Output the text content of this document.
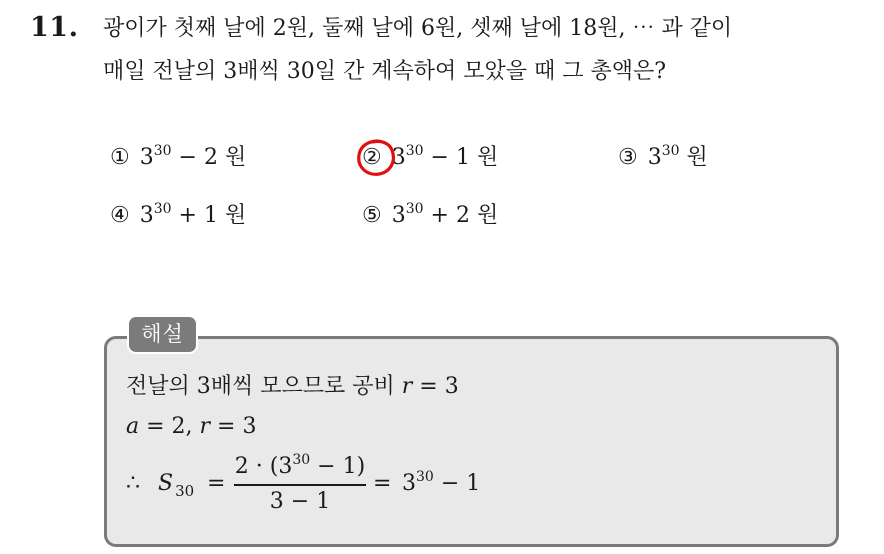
11. 광이가 첫째 날에 2원, 둘째 날에 6원, 셋째 날에 18원, ⋯ 과 같이
매일 전날의 3배씩 30일 간 계속하여 모았을 때 그 총액은?
① $3^{30} - 2$ 원	② $3^{30} - 1$ 원	③ $3^{30}$ 원
④ $3^{30} + 1$ 원	⑤ $3^{30} + 2$ 원
해설
전날의 3배씩 모으므로 공비 r = 3
a = 2, r = 3
∴ S $_{30}$ =
$2 \cdot (3^{30} - 1)$
3 − 1
= $3^{30} - 1$
